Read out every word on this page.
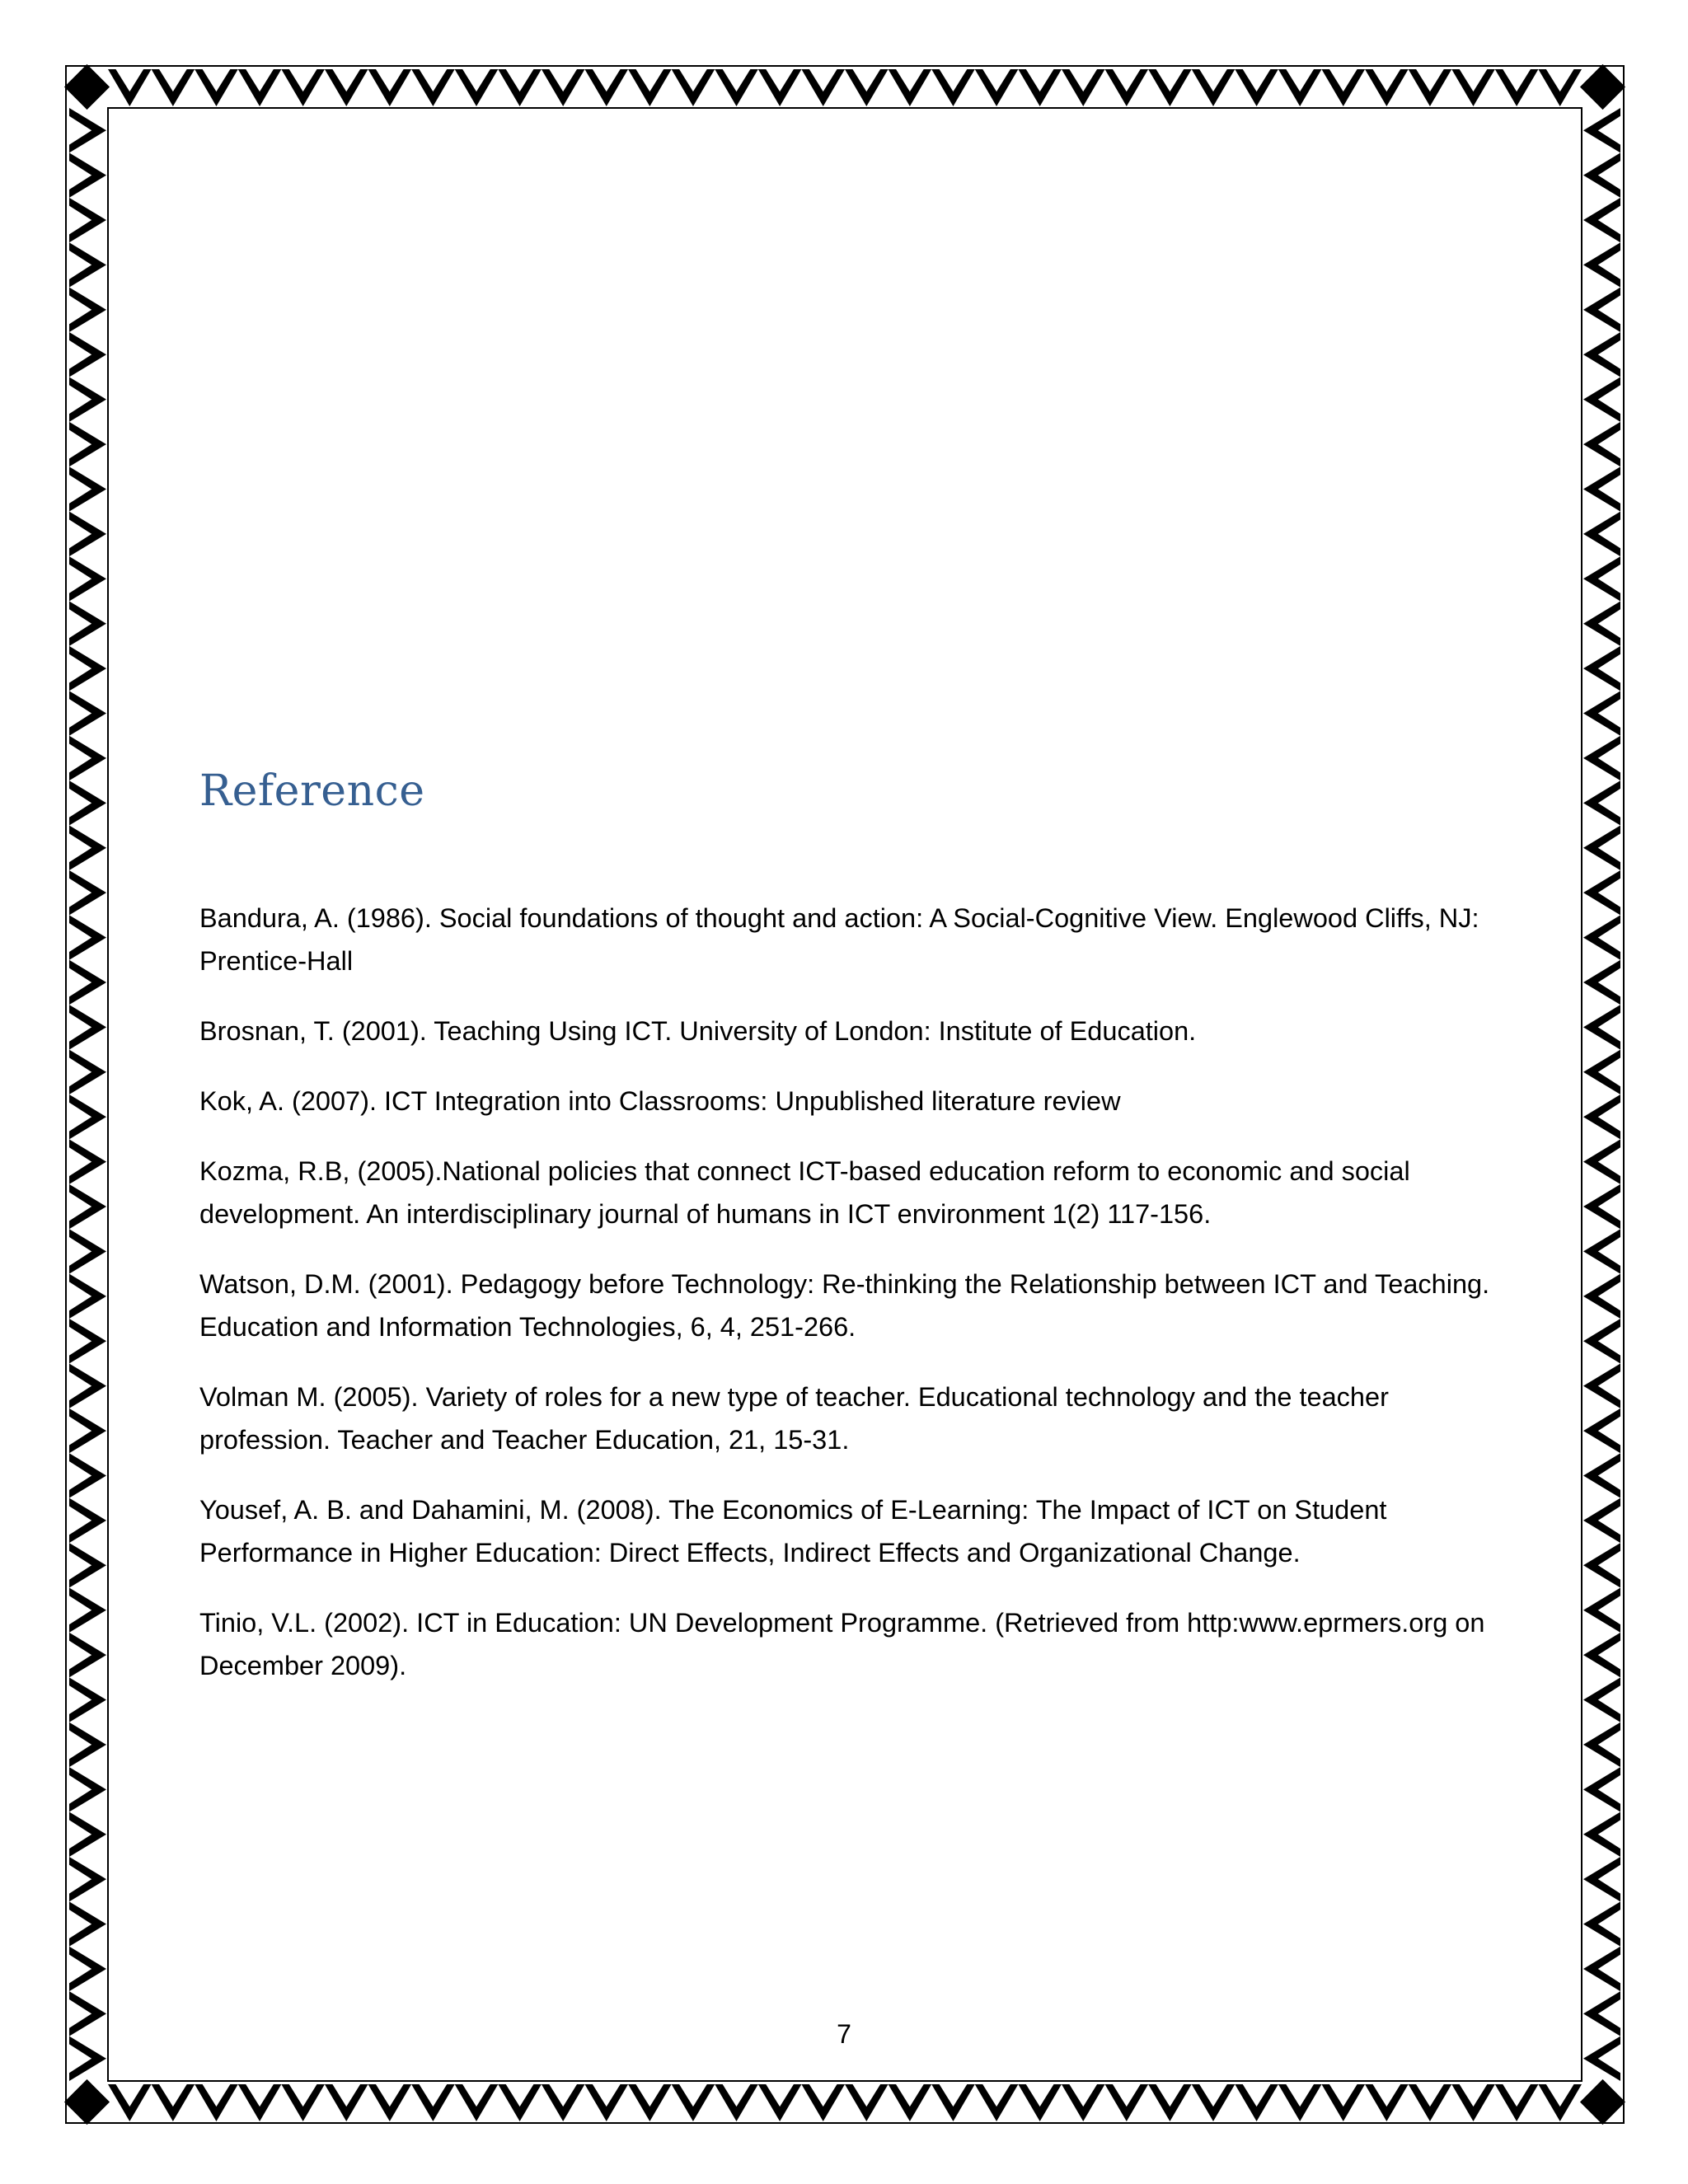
Reference
Bandura, A. (1986). Social foundations of thought and action: A Social-Cognitive View. Englewood Cliffs, NJ: Prentice-Hall
Brosnan, T. (2001). Teaching Using ICT. University of London: Institute of Education.
Kok, A. (2007). ICT Integration into Classrooms: Unpublished literature review
Kozma, R.B, (2005).National policies that connect ICT-based education reform to economic and social development. An interdisciplinary journal of humans in ICT environment 1(2) 117-156.
Watson, D.M. (2001). Pedagogy before Technology: Re-thinking the Relationship between ICT and Teaching. Education and Information Technologies, 6, 4, 251-266.
Volman M. (2005). Variety of roles for a new type of teacher. Educational technology and the teacher profession. Teacher and Teacher Education, 21, 15-31.
Yousef, A. B. and Dahamini, M. (2008). The Economics of E-Learning: The Impact of ICT on Student Performance in Higher Education: Direct Effects, Indirect Effects and Organizational Change.
Tinio, V.L. (2002). ICT in Education: UN Development Programme. (Retrieved from http:www.eprmers.org on December 2009).
7
